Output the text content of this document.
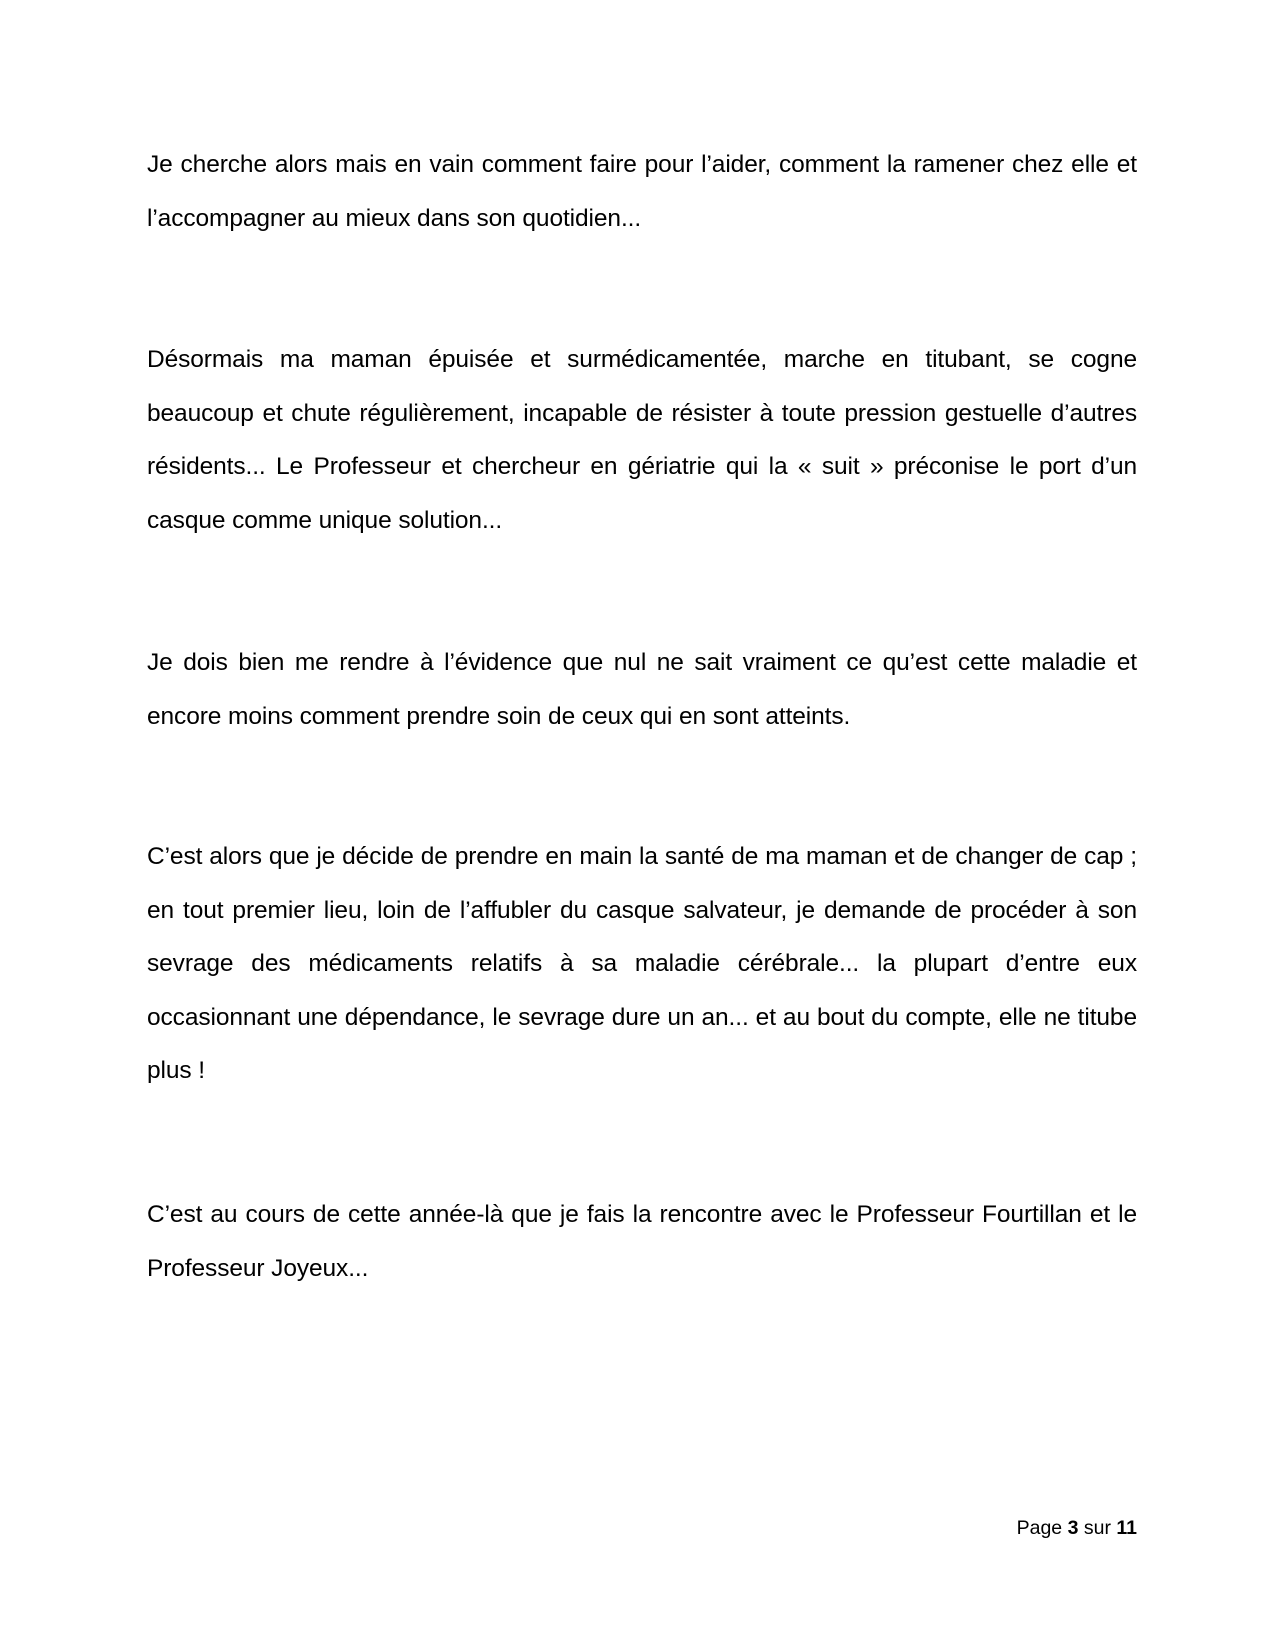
Je cherche alors mais en vain comment faire pour l’aider, comment la ramener chez elle et l’accompagner au mieux dans son quotidien...

Désormais ma maman épuisée et surmédicamentée, marche en titubant, se cogne beaucoup et chute régulièrement, incapable de résister à toute pression gestuelle d’autres résidents... Le Professeur et chercheur en gériatrie qui la « suit » préconise le port d’un casque comme unique solution...

Je dois bien me rendre à l’évidence que nul ne sait vraiment ce qu’est cette maladie et encore moins comment prendre soin de ceux qui en sont atteints.

C’est alors que je décide de prendre en main la santé de ma maman et de changer de cap ; en tout premier lieu, loin de l’affubler du casque salvateur, je demande de procéder à son sevrage des médicaments relatifs à sa maladie cérébrale... la plupart d’entre eux occasionnant une dépendance, le sevrage dure un an... et au bout du compte, elle ne titube plus !

C’est au cours de cette année-là que je fais la rencontre avec le Professeur Fourtillan et le Professeur Joyeux...

Page 3 sur 11
